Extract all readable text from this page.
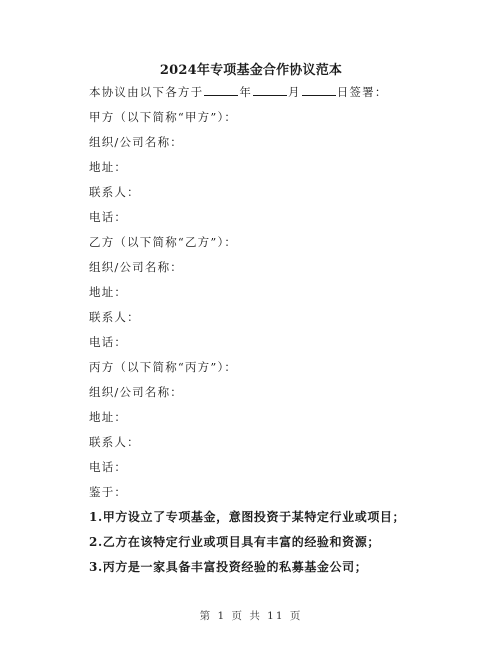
2024年专项基金合作协议范本
本协议由以下各方于	年	月	日签署：
甲方（以下简称“甲方”）：
组织/公司名称：
地址：
联系人：
电话：
乙方（以下简称“乙方”）：
组织/公司名称：
地址：
联系人：
电话：
丙方（以下简称“丙方”）：
组织/公司名称：
地址：
联系人：
电话：
鉴于：
1.甲方设立了专项基金，意图投资于某特定行业或项目；
2.乙方在该特定行业或项目具有丰富的经验和资源；
3.丙方是一家具备丰富投资经验的私募基金公司；
第 1 页 共 11 页
